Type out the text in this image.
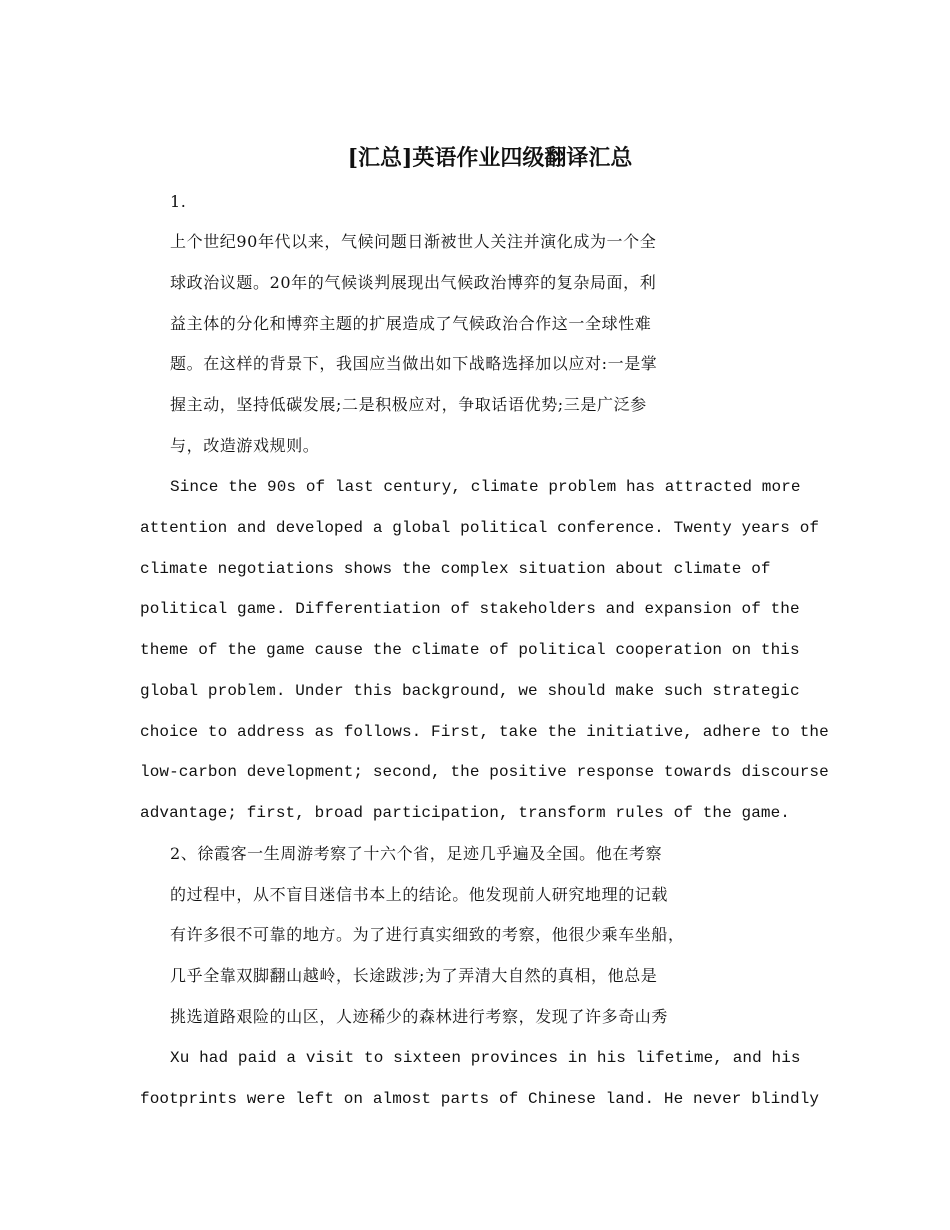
[汇总]英语作业四级翻译汇总

1.

上个世纪90年代以来，气候问题日渐被世人关注并演化成为一个全

球政治议题。20年的气候谈判展现出气候政治博弈的复杂局面，利

益主体的分化和博弈主题的扩展造成了气候政治合作这一全球性难

题。在这样的背景下，我国应当做出如下战略选择加以应对:一是掌

握主动，坚持低碳发展;二是积极应对，争取话语优势;三是广泛参

与，改造游戏规则。

Since the 90s of last century, climate problem has attracted more

attention and developed a global political conference. Twenty years of

climate negotiations shows the complex situation about climate of

political game. Differentiation of stakeholders and expansion of the

theme of the game cause the climate of political cooperation on this

global problem. Under this background, we should make such strategic

choice to address as follows. First, take the initiative, adhere to the

low-carbon development; second, the positive response towards discourse

advantage; first, broad participation, transform rules of the game.

2、徐霞客一生周游考察了十六个省，足迹几乎遍及全国。他在考察

的过程中，从不盲目迷信书本上的结论。他发现前人研究地理的记载

有许多很不可靠的地方。为了进行真实细致的考察，他很少乘车坐船，

几乎全靠双脚翻山越岭，长途跋涉;为了弄清大自然的真相，他总是

挑选道路艰险的山区，人迹稀少的森林进行考察，发现了许多奇山秀

Xu had paid a visit to sixteen provinces in his lifetime, and his

footprints were left on almost parts of Chinese land. He never blindly
